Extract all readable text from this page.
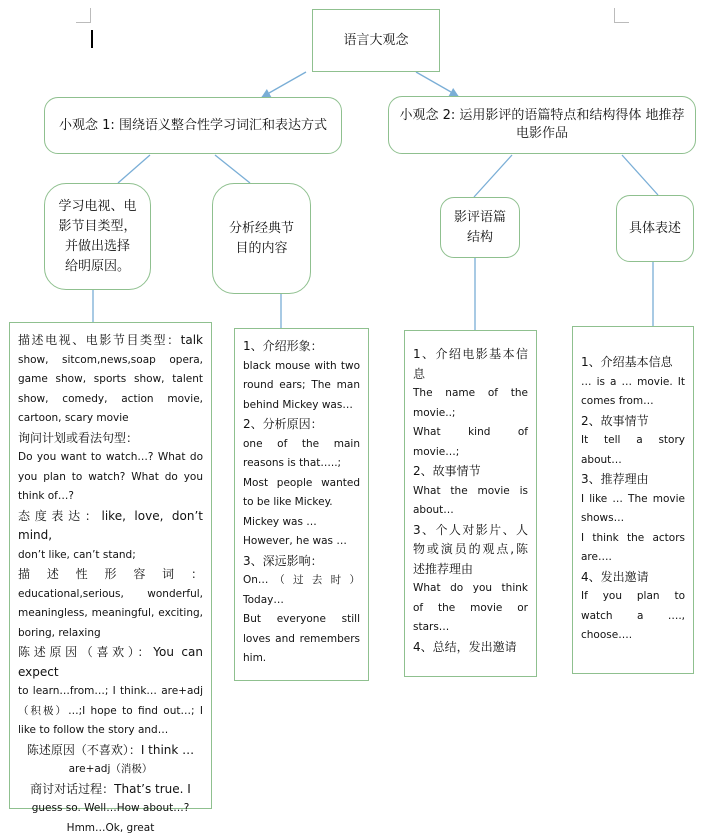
语言大观念
小观念 1: 围绕语义整合性学习词汇和表达方式
小观念 2: 运用影评的语篇特点和结构得体 地推荐电影作品
学习电视、电
影节目类型，
并做出选择
给明原因。
分析经典节
目的内容
影评语篇
结构
具体表述
描述电视、电影节目类型：talk
show, sitcom,news,soap opera,
game show, sports show, talent
show, comedy, action movie,
cartoon, scary movie
询问计划或看法句型：
Do you want to watch…? What do
you plan to watch? What do you
think of…?
态度表达：like, love, don’t mind,
don’t like, can’t stand;
描 述 性 形 容 词 ：
educational,serious, wonderful,
meaningless, meaningful, exciting,
boring, relaxing
陈述原因（喜欢）：You can expect
to learn…from…; I think… are+adj
（积极）…;I hope to find out…; I
like to follow the story and…
陈述原因（不喜欢）：I think …
are+adj（消极）
商讨对话过程：That’s true. I
guess so. Well…How about…?
Hmm…Ok, great
1、介绍形象：
black mouse with two
round ears; The man
behind Mickey was…
2、分析原因：
one of the main
reasons is that…..;
Most people wanted
to be like Mickey.
Mickey was …
However, he was …
3、深远影响：
On… （ 过 去 时 ）
Today…
But everyone still
loves and remembers
him.
1、介绍电影基本信
息
The name of the
movie..;
What kind of
movie…;
2、故事情节
What the movie is
about…
3、个人对影片、人
物或演员的观点,陈
述推荐理由
What do you think
of the movie or
stars…
4、总结，发出邀请
1、介绍基本信息
… is a … movie. It
comes from…
2、故事情节
It tell a story
about…
3、推荐理由
I like … The movie
shows…
I think the actors
are….
4、发出邀请
If you plan to
watch a ….,
choose….
